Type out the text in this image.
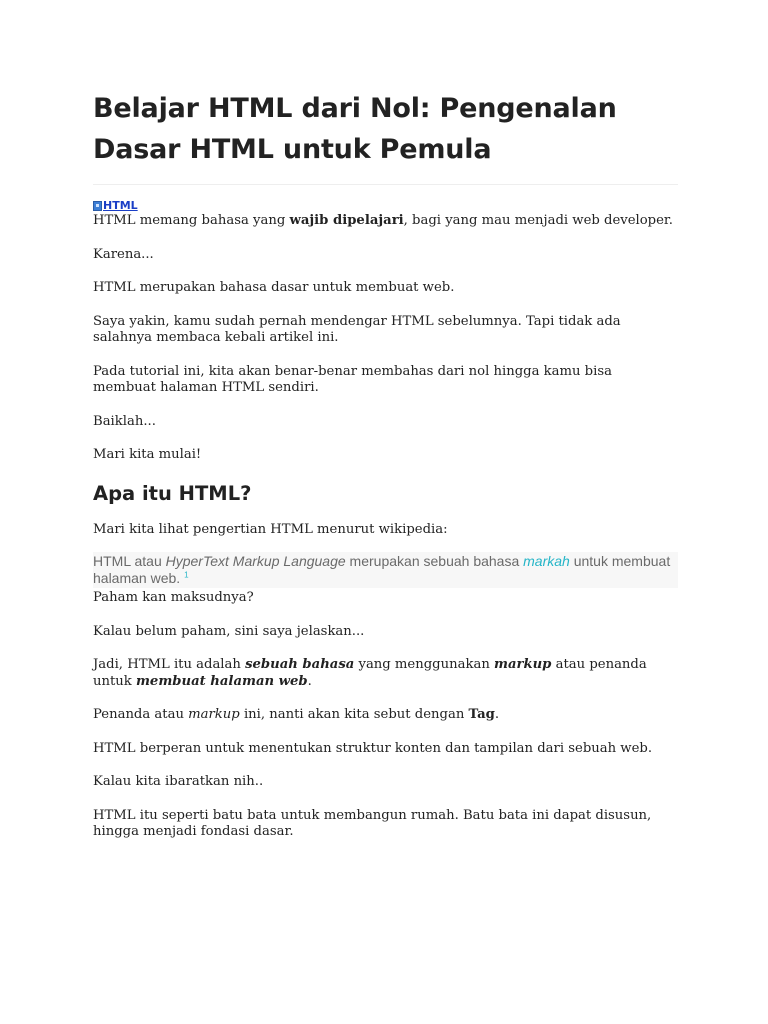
Belajar HTML dari Nol: Pengenalan Dasar HTML untuk Pemula
HTML

HTML memang bahasa yang wajib dipelajari, bagi yang mau menjadi web developer.

Karena...

HTML merupakan bahasa dasar untuk membuat web.

Saya yakin, kamu sudah pernah mendengar HTML sebelumnya. Tapi tidak ada salahnya membaca kebali artikel ini.

Pada tutorial ini, kita akan benar-benar membahas dari nol hingga kamu bisa membuat halaman HTML sendiri.

Baiklah...

Mari kita mulai!

Apa itu HTML?

Mari kita lihat pengertian HTML menurut wikipedia:

HTML atau HyperText Markup Language merupakan sebuah bahasa markah untuk membuat halaman web. $^1$

Paham kan maksudnya?

Kalau belum paham, sini saya jelaskan...

Jadi, HTML itu adalah sebuah bahasa yang menggunakan markup atau penanda untuk membuat halaman web.

Penanda atau markup ini, nanti akan kita sebut dengan Tag.

HTML berperan untuk menentukan struktur konten dan tampilan dari sebuah web.

Kalau kita ibaratkan nih..

HTML itu seperti batu bata untuk membangun rumah. Batu bata ini dapat disusun, hingga menjadi fondasi dasar.
